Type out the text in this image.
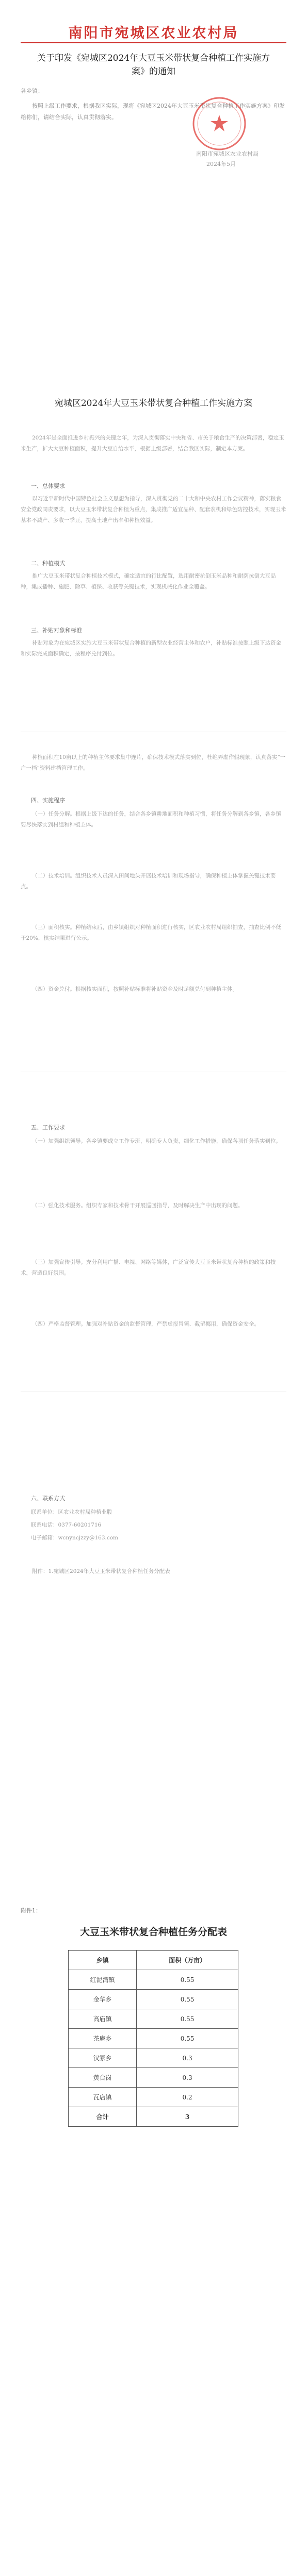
南阳市宛城区农业农村局
关于印发《宛城区2024年大豆玉米带状复合种植工作实施方案》的通知
各乡镇：
按照上级工作要求，根据我区实际，现将《宛城区2024年大豆玉米带状复合种植工作实施方案》印发给你们，请结合实际，认真贯彻落实。
南阳市宛城区农业农村局
2024年5月
宛城区2024年大豆玉米带状复合种植工作实施方案
2024年是全面推进乡村振兴的关键之年，为深入贯彻落实中央和省、市关于粮食生产的决策部署，稳定玉米生产，扩大大豆种植面积，提升大豆自给水平，根据上级部署，结合我区实际，制定本方案。
一、总体要求
以习近平新时代中国特色社会主义思想为指导，深入贯彻党的二十大和中央农村工作会议精神，落实粮食安全党政同责要求，以大豆玉米带状复合种植为重点，集成推广适宜品种、配套农机和绿色防控技术，实现玉米基本不减产、多收一季豆，提高土地产出率和种植效益。
二、种植模式
推广大豆玉米带状复合种植技术模式，确定适宜的行比配置，选用耐密抗倒玉米品种和耐荫抗倒大豆品种，集成播种、施肥、除草、植保、收获等关键技术，实现机械化作业全覆盖。
三、补贴对象和标准
补贴对象为在宛城区实施大豆玉米带状复合种植的新型农业经营主体和农户，补贴标准按照上级下达资金和实际完成面积确定，按程序兑付到位。
种植面积在10亩以上的种植主体要求集中连片，确保技术模式落实到位，杜绝弄虚作假现象，认真落实“一户一档”资料建档管理工作。
四、实施程序
（一）任务分解。根据上级下达的任务，结合各乡镇耕地面积和种植习惯，将任务分解到各乡镇，各乡镇要尽快落实到村组和种植主体。
（二）技术培训。组织技术人员深入田间地头开展技术培训和现场指导，确保种植主体掌握关键技术要点。
（三）面积核实。种植结束后，由乡镇组织对种植面积进行核实，区农业农村局组织抽查，抽查比例不低于20%，核实结果进行公示。
（四）资金兑付。根据核实面积，按照补贴标准将补贴资金及时足额兑付到种植主体。
五、工作要求
（一）加强组织领导。各乡镇要成立工作专班，明确专人负责，细化工作措施，确保各项任务落实到位。
（二）强化技术服务。组织专家和技术骨干开展巡回指导，及时解决生产中出现的问题。
（三）加强宣传引导。充分利用广播、电视、网络等媒体，广泛宣传大豆玉米带状复合种植的政策和技术，营造良好氛围。
（四）严格监督管理。加强对补贴资金的监督管理，严禁虚报冒领、截留挪用，确保资金安全。
六、联系方式
联系单位：区农业农村局种植业股
联系电话：0377-60201716
电子邮箱：wcnyncjzzy@163.com
附件：1.宛城区2024年大豆玉米带状复合种植任务分配表
附件1：
大豆玉米带状复合种植任务分配表
乡镇	面积（万亩）
红泥湾镇	0.55
金华乡	0.55
高庙镇	0.55
茶庵乡	0.55
汉冢乡	0.3
黄台岗	0.3
瓦店镇	0.2
合计	3
